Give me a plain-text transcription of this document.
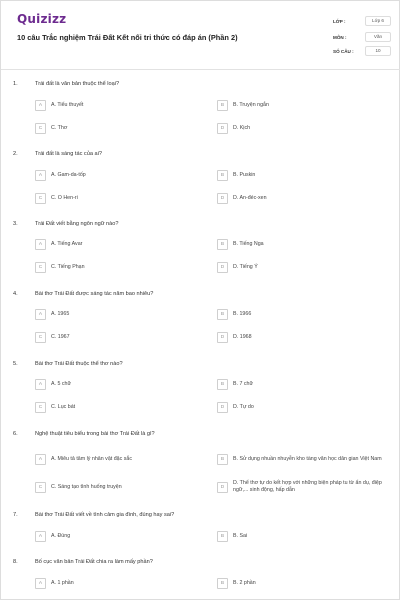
Quizizz
10 câu Trắc nghiệm Trái Đất Kết nối tri thức có đáp án (Phần 2)
LỚP :	Lớp 6
MÔN :	Văn
SỐ CÂU :	10
1.	Trái đất là văn bản thuộc thể loại?
A	A. Tiểu thuyết	B	B. Truyện ngắn
C	C. Thơ	D	D. Kịch
2.	Trái đất là sáng tác của ai?
A	A. Gam-da-tốp	B	B. Puskin
C	C. O Hen-ri	D	D. An-đéc-xen
3.	Trái Đất viết bằng ngôn ngữ nào?
A	A. Tiếng Avar	B	B. Tiếng Nga
C	C. Tiếng Phạn	D	D. Tiếng Ý
4.	Bài thơ Trái Đất được sáng tác năm bao nhiêu?
A	A. 1965	B	B. 1966
C	C. 1967	D	D. 1968
5.	Bài thơ Trái Đất thuộc thể thơ nào?
A	A. 5 chữ	B	B. 7 chữ
C	C. Lục bát	D	D. Tự do
6.	Nghệ thuật tiêu biểu trong bài thơ Trái Đất là gì?
A	A. Miêu tả tâm lý nhân vật đặc sắc	B	B. Sử dụng nhuần nhuyễn kho tàng văn học dân gian Việt Nam
C	C. Sáng tạo tình huống truyện	D
D. Thể thơ tự do kết hợp với những biện pháp tu từ ẩn dụ, điệp ngữ,... sinh động, hấp dẫn
7.	Bài thơ Trái Đất viết về tình cảm gia đình, đúng hay sai?
A	A. Đúng	B	B. Sai
8.	Bố cục văn bản Trái Đất chia ra làm mấy phần?
A	A. 1 phần	B	B. 2 phần
